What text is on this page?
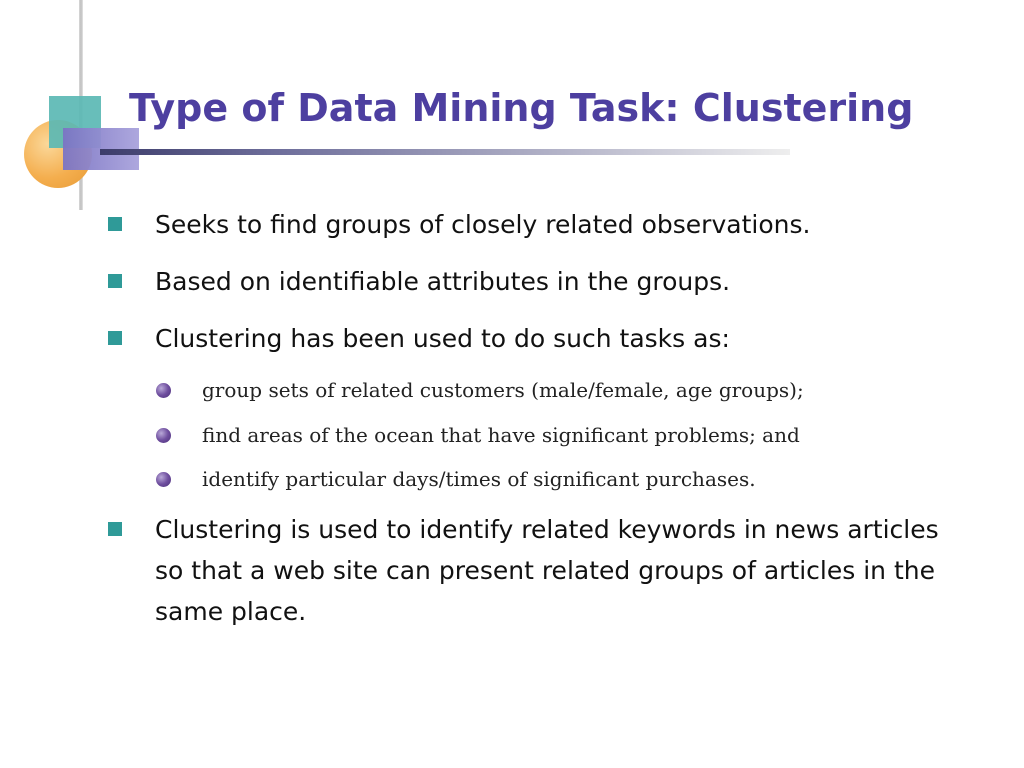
Type of Data Mining Task: Clustering
Seeks to find groups of closely related observations.
Based on identifiable attributes in the groups.
Clustering has been used to do such tasks as:
group sets of related customers (male/female, age groups);
find areas of the ocean that have significant problems; and
identify particular days/times of significant purchases.
Clustering is used to identify related keywords in news articles so that a web site can present related groups of articles in the same place.
